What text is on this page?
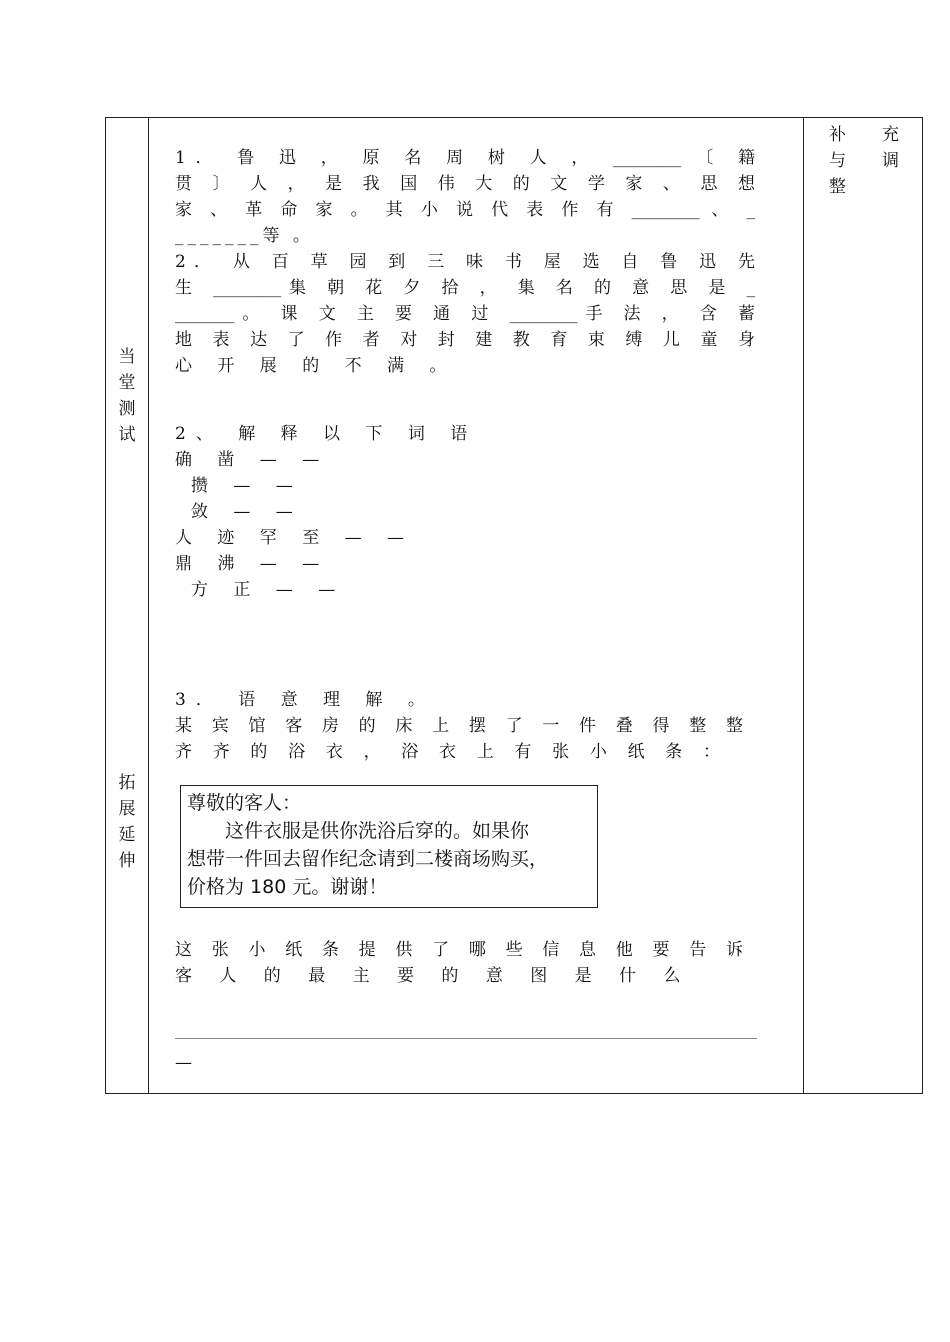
当
堂
测
试
拓
展
延
伸
补 充
与 调
整
1． 鲁 迅 ， 原 名 周 树 人 ， ________ 〔 籍
贯 〕 人 ， 是 我 国 伟 大 的 文 学 家 、 思 想
家 、 革 命 家 。 其 小 说 代 表 作 有 ________ 、 _
_______等 。
2． 从 百 草 园 到 三 味 书 屋 选 自 鲁 迅 先
生 ________集 朝 花 夕 拾 ， 集 名 的 意 思 是 _
_______。 课 文 主 要 通 过 ________手 法 ， 含 蓄
地 表 达 了 作 者 对 封 建 教 育 束 缚 儿 童 身
心 开 展 的 不 满 。
2、 解 释 以 下 词 语
确 凿 — —
攒 — —
敛 — —
人 迹 罕 至 — —
鼎 沸 — —
方 正 — —
3． 语 意 理 解 。
某 宾 馆 客 房 的 床 上 摆 了 一 件 叠 得 整 整
齐 齐 的 浴 衣 ， 浴 衣 上 有 张 小 纸 条 ：
尊敬的客人：
这件衣服是供你洗浴后穿的。如果你
想带一件回去留作纪念请到二楼商场购买，
价格为 180 元。谢谢！
这 张 小 纸 条 提 供 了 哪 些 信 息 他 要 告 诉
客 人 的 最 主 要 的 意 图 是 什 么
—
